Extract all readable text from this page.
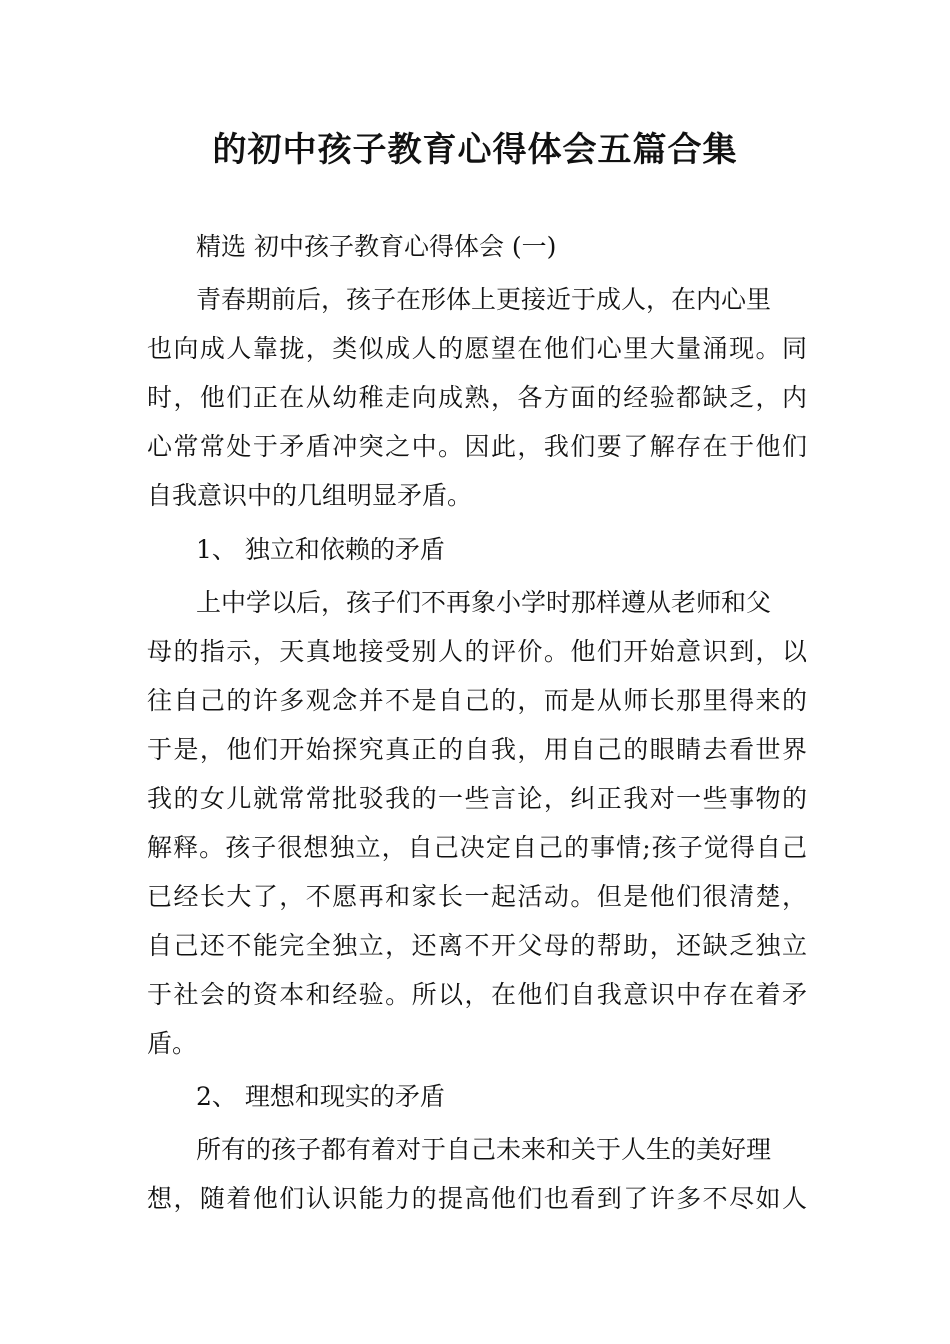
的初中孩子教育心得体会五篇合集
精选 初中孩子教育心得体会 (一)
青春期前后，孩子在形体上更接近于成人，在内心里
也向成人靠拢，类似成人的愿望在他们心里大量涌现。同
时，他们正在从幼稚走向成熟，各方面的经验都缺乏，内
心常常处于矛盾冲突之中。因此，我们要了解存在于他们
自我意识中的几组明显矛盾。
1、 独立和依赖的矛盾
上中学以后，孩子们不再象小学时那样遵从老师和父
母的指示，天真地接受别人的评价。他们开始意识到，以
往自己的许多观念并不是自己的，而是从师长那里得来的
于是，他们开始探究真正的自我，用自己的眼睛去看世界
我的女儿就常常批驳我的一些言论，纠正我对一些事物的
解释。孩子很想独立，自己决定自己的事情;孩子觉得自己
已经长大了，不愿再和家长一起活动。但是他们很清楚，
自己还不能完全独立，还离不开父母的帮助，还缺乏独立
于社会的资本和经验。所以，在他们自我意识中存在着矛
盾。
2、 理想和现实的矛盾
所有的孩子都有着对于自己未来和关于人生的美好理
想，随着他们认识能力的提高他们也看到了许多不尽如人
